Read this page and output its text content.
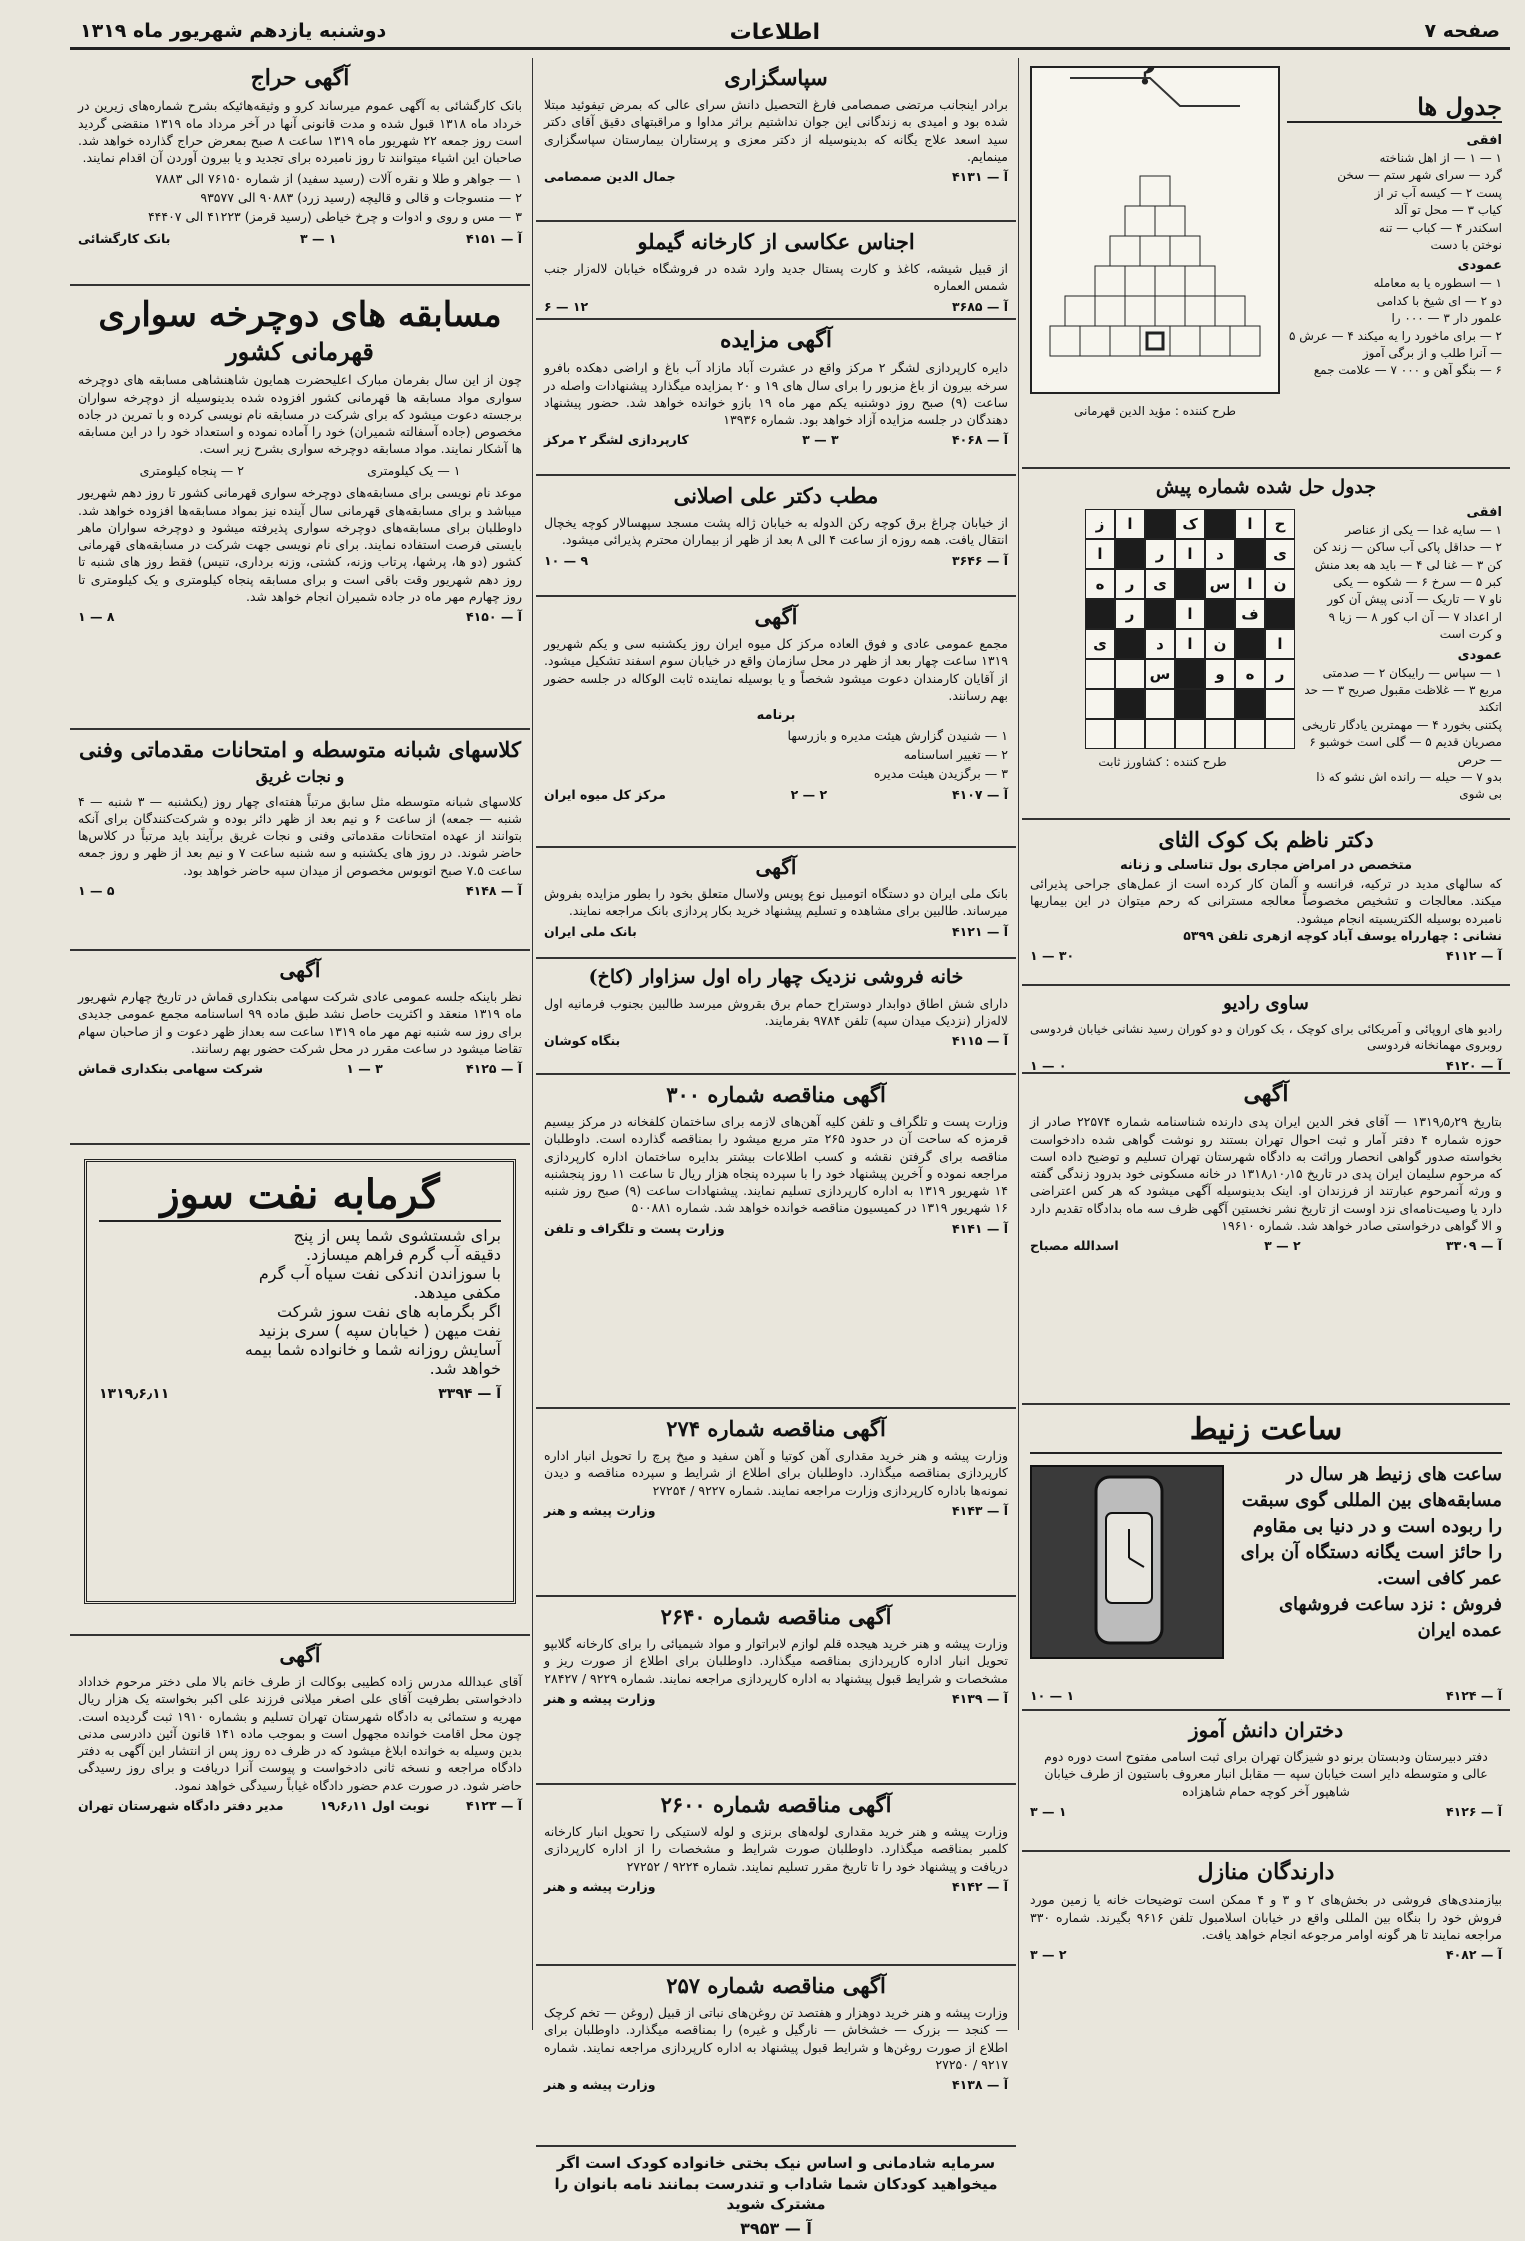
صفحه ۷
اطلاعات
دوشنبه یازدهم شهریور ماه ۱۳۱۹
?
طرح کننده : مؤید الدین قهرمانی
جدول ها
افقی
۱ — ۱ — از اهل شناخته
گرد — سرای شهر ستم — سخن
پست ۲ — کیسه آب تر از
کیاب ۳ — محل تو آلد
اسکندر ۴ — کباب — تنه
نوختن با دست
عمودی
۱ — اسطوره یا به معامله
دو ۲ — ای شیخ با کدامی
علمور دار ۳ — ۰۰۰ را
۲ — برای ماخورد را یه میکند ۴ — عرش ۵ — آنرا طلب و از برگی آموز
۶ — بنگو آهن و ۰۰۰ ۷ — علامت جمع
جدول حل شده شماره پیش
ح
ا
ک
ا
ز
ی
د
ا
ر
ا
ن
ا
س
ی
ر
ه
ف
ا
ر
ا
ن
ا
د
ی
ر
ه
و
س
طرح کننده : کشاورز ثابت
افقی
۱ — سایه غدا — یکی از عناصر
۲ — حداقل پاکی آب ساکن — زند کن
کن ۳ — غنا لی ۴ — باید هه بعد منش
کبر ۵ — سرخ ۶ — شکوه — یکی
ناو ۷ — تاریک — آدنی پیش آن کور
ار اعداد ۷ — آن اب کور ۸ — زیا ۹
و کرت است
عمودی
۱ — سپاس — رایبکان ۲ — صدمتی
مربع ۳ — غلاظت مقبول صریح ۳ — حد اتکند
پکتنی بخورد ۴ — مهمترین یادگار تاریخی
مصریان قدیم ۵ — گلی است خوشبو ۶ — حرص
بدو ۷ — حیله — رانده اش نشو که ذا
بی شوی
دکتر ناظم بک کوک الثای
متخصص در امراض مجاری بول تناسلی و زنانه
که سالهای مدید در ترکیه، فرانسه و آلمان کار کرده است از عمل‌های جراحی پذیرائی میکند. معالجات و تشخیص مخصوصاً معالجه مسترانی که رحم میتوان در این بیماریها نامبرده بوسیله الکتریسیته انجام میشود.
نشانی : چهارراه یوسف آباد کوچه ازهری تلفن ۵۳۹۹
آ — ۴۱۱۲
۳۰ — ۱
ساوی رادیو
رادیو های اروپائی و آمریکائی برای کوچک ، بک کوران و دو کوران رسید نشانی خیابان فردوسی روبروی مهمانخانه فردوسی
آ — ۴۱۲۰
۰ — ۱
آگهی
بتاریخ ۱۳۱۹٫۵٫۲۹ — آقای فخر الدین ایران پدی دارنده شناسنامه شماره ۲۲۵۷۴ صادر از حوزه شماره ۴ دفتر آمار و ثبت احوال تهران بستند رو نوشت گواهی شده دادخواست بخواسته صدور گواهی انحصار وراثت به دادگاه شهرستان تهران تسلیم و توضیح داده است که مرحوم سلیمان ایران پدی در تاریخ ۱۳۱۸٫۱۰٫۱۵ در خانه مسکونی خود بدرود زندگی گفته و ورثه آنمرحوم عبارتند از فرزندان او. اینک بدینوسیله آگهی میشود که هر کس اعتراضی دارد یا وصیت‌نامه‌ای نزد اوست از تاریخ نشر نخستین آگهی ظرف سه ماه بدادگاه تقدیم دارد و الا گواهی درخواستی صادر خواهد شد. شماره ۱۹۶۱۰
آ — ۳۳۰۹
۲ — ۳
اسدالله مصباح
ساعت زنیط
ساعت های زنیط هر سال در
مسابقه‌های بین المللی گوی سبقت
را ربوده است و در دنیا بی مقاوم
را حائز است یگانه دستگاه آن برای
عمر کافی است.
فروش : نزد ساعت فروشهای
عمده ایران
آ — ۴۱۲۴
۱ — ۱۰
دختران دانش آموز
دفتر دبیرستان ودبستان برنو دو شیزگان تهران برای ثبت اسامی مفتوح است دوره دوم عالی و متوسطه دایر است خیابان سپه — مقابل انبار معروف باستیون از طرف خیابان شاهپور آخر کوچه حمام شاهزاده
آ — ۴۱۲۶
۱ — ۳
دارندگان منازل
بیازمندی‌های فروشی در بخش‌های ۲ و ۳ و ۴ ممکن است توضیحات خانه یا زمین مورد فروش خود را بنگاه بین المللی واقع در خیابان اسلامبول تلفن ۹۶۱۶ بگیرند. شماره ۳۳۰ مراجعه نمایند تا هر گونه اوامر مرجوعه انجام خواهد یافت.
آ — ۴۰۸۲
۲ — ۳
سپاسگزاری
برادر اینجانب مرتضی صمصامی فارغ التحصیل دانش سرای عالی که بمرض تیفوئید مبتلا شده بود و امیدی به زندگانی این جوان نداشتیم براثر مداوا و مراقبتهای دقیق آقای دکتر سید اسعد علاج یگانه که بدینوسیله از دکتر معزی و پرستاران بیمارستان سپاسگزاری مینمایم.
آ — ۴۱۳۱
جمال الدین صمصامی
اجناس عکاسی از کارخانه گیملو
از قبیل شیشه، کاغذ و کارت پستال جدید وارد شده در فروشگاه خیابان لاله‌زار جنب شمس العماره
آ — ۳۶۸۵
۱۲ — ۶
آگهی مزایده
دایره کارپردازی لشگر ۲ مرکز واقع در عشرت آباد مازاد آب باغ و اراضی دهکده بافرو سرخه بیرون از باغ مزبور را برای سال های ۱۹ و ۲۰ بمزایده میگذارد پیشنهادات واصله در ساعت (۹) صبح روز دوشنبه یکم مهر ماه ۱۹ بازو خوانده خواهد شد. حضور پیشنهاد دهندگان در جلسه مزایده آزاد خواهد بود. شماره ۱۳۹۳۶
آ — ۴۰۶۸
۳ — ۳
کارپردازی لشگر ۲ مرکز
مطب دکتر علی اصلانی
از خیابان چراغ برق کوچه رکن الدوله به خیابان ژاله پشت مسجد سپهسالار کوچه یخچال انتقال یافت. همه روزه از ساعت ۴ الی ۸ بعد از ظهر از بیماران محترم پذیرائی میشود.
آ — ۳۶۴۶
۹ — ۱۰
آگهی
مجمع عمومی عادی و فوق العاده مرکز کل میوه ایران روز یکشنبه سی و یکم شهریور ۱۳۱۹ ساعت چهار بعد از ظهر در محل سازمان واقع در خیابان سوم اسفند تشکیل میشود. از آقایان کارمندان دعوت میشود شخصاً و یا بوسیله نماینده ثابت الوکاله در جلسه حضور بهم رسانند.
برنامه
۱ — شنیدن گزارش هیئت مدیره و بازرسها
۲ — تغییر اساسنامه
۳ — برگزیدن هیئت مدیره
آ — ۴۱۰۷
۲ — ۲
مرکز کل میوه ایران
آگهی
بانک ملی ایران دو دستگاه اتومبیل نوع پویس ولاسال متعلق بخود را بطور مزایده بفروش میرساند. طالبین برای مشاهده و تسلیم پیشنهاد خرید بکار پردازی بانک مراجعه نمایند.
آ — ۴۱۲۱
بانک ملی ایران
خانه فروشی نزدیک چهار راه اول سزاوار (کاخ)
دارای شش اطاق دوابدار دوستراح حمام برق بقروش میرسد طالبین بجنوب فرمانیه اول لاله‌زار (نزدیک میدان سپه) تلفن ۹۷۸۴ بفرمایند.
آ — ۴۱۱۵
بنگاه کوشان
آگهی مناقصه شماره ۳۰۰
وزارت پست و تلگراف و تلفن کلیه آهن‌های لازمه برای ساختمان کلفخانه در مرکز بیسیم قرمزه که ساحت آن در حدود ۲۶۵ متر مربع میشود را بمناقصه گذارده است. داوطلبان مناقصه برای گرفتن نقشه و کسب اطلاعات بیشتر بدایره ساختمان اداره کارپردازی مراجعه نموده و آخرین پیشنهاد خود را با سپرده پنجاه هزار ریال تا ساعت ۱۱ روز پنجشنبه ۱۴ شهریور ۱۳۱۹ به اداره کارپردازی تسلیم نمایند. پیشنهادات ساعت (۹) صبح روز شنبه ۱۶ شهریور ۱۳۱۹ در کمیسیون مناقصه خوانده خواهد شد. شماره ۵۰۰۸۸۱
آ — ۴۱۴۱
وزارت پست و تلگراف و تلفن
آگهی مناقصه شماره ۲۷۴
وزارت پیشه و هنر خرید مقداری آهن کوتیا و آهن سفید و میخ پرچ را تحویل انبار اداره کارپردازی بمناقصه میگذارد. داوطلبان برای اطلاع از شرایط و سپرده مناقصه و دیدن نمونه‌ها باداره کارپردازی وزارت مراجعه نمایند. شماره ۹۲۲۷ / ۲۷۲۵۴
آ — ۴۱۴۳
وزارت پیشه و هنر
آگهی مناقصه شماره ۲۶۴۰
وزارت پیشه و هنر خرید هیجده قلم لوازم لابراتوار و مواد شیمیائی را برای کارخانه گلابپو تحویل انبار اداره کارپردازی بمناقصه میگذارد. داوطلبان برای اطلاع از صورت ریز و مشخصات و شرایط قبول پیشنهاد به اداره کارپردازی مراجعه نمایند. شماره ۹۲۲۹ / ۲۸۴۲۷
آ — ۴۱۳۹
وزارت پیشه و هنر
آگهی مناقصه شماره ۲۶۰۰
وزارت پیشه و هنر خرید مقداری لوله‌های برنزی و لوله لاستیکی را تحویل انبار کارخانه کلمبر بمناقصه میگذارد. داوطلبان صورت شرایط و مشخصات را از اداره کارپردازی دریافت و پیشنهاد خود را تا تاریخ مقرر تسلیم نمایند. شماره ۹۲۲۴ / ۲۷۲۵۲
آ — ۴۱۴۲
وزارت پیشه و هنر
آگهی مناقصه شماره ۲۵۷
وزارت پیشه و هنر خرید دوهزار و هفتصد تن روغن‌های نباتی از قبیل (روغن — تخم کرچک — کنجد — بزرک — خشخاش — نارگیل و غیره) را بمناقصه میگذارد. داوطلبان برای اطلاع از صورت روغن‌ها و شرایط قبول پیشنهاد به اداره کارپردازی مراجعه نمایند. شماره ۹۲۱۷ / ۲۷۲۵۰
آ — ۴۱۳۸
وزارت پیشه و هنر
سرمایه شادمانی و اساس نیک بختی خانواده کودک است اگر میخواهید کودکان شما شاداب و تندرست بمانند نامه بانوان را مشترک شوید
آ — ۳۹۵۳
آگهی حراج
بانک کارگشائی به آگهی عموم میرساند کرو و وثیقه‌هائیکه بشرح شماره‌های زیرین در خرداد ماه ۱۳۱۸ قبول شده و مدت قانونی آنها در آخر مرداد ماه ۱۳۱۹ منقضی گردید است روز جمعه ۲۲ شهریور ماه ۱۳۱۹ ساعت ۸ صبح بمعرض حراج گذارده خواهد شد. صاحبان این اشیاء میتوانند تا روز نامبرده برای تجدید و یا بیرون آوردن آن اقدام نمایند.
۱ — جواهر و طلا و نقره آلات (رسید سفید) از شماره ۷۶۱۵۰ الی ۷۸۸۳
۲ — منسوجات و قالی و قالیچه (رسید زرد) ۹۰۸۸۳ الی ۹۳۵۷۷
۳ — مس و روی و ادوات و چرخ خیاطی (رسید قرمز) ۴۱۲۲۳ الی ۴۴۴۰۷
آ — ۴۱۵۱
۱ — ۳
بانک کارگشائی
مسابقه های دوچرخه سواری
قهرمانی کشور
چون از این سال بفرمان مبارک اعلیحضرت همایون شاهنشاهی مسابقه های دوچرخه سواری مواد مسابقه ها قهرمانی کشور افزوده شده بدینوسیله از دوچرخه سواران برجسته دعوت میشود که برای شرکت در مسابقه نام نویسی کرده و با تمرین در جاده مخصوص (جاده آسفالته شمیران) خود را آماده نموده و استعداد خود را در این مسابقه ها آشکار نمایند. مواد مسابقه دوچرخه سواری بشرح زیر است.
۱ — یک کیلومتری
۲ — پنجاه کیلومتری
موعد نام نویسی برای مسابقه‌های دوچرخه سواری قهرمانی کشور تا روز دهم شهریور میباشد و برای مسابقه‌های قهرمانی سال آینده نیز بمواد مسابقه‌ها افزوده خواهد شد. داوطلبان برای مسابقه‌های دوچرخه سواری پذیرفته میشود و دوچرخه سواران ماهر بایستی فرصت استفاده نمایند. برای نام نویسی جهت شرکت در مسابقه‌های قهرمانی کشور (دو ها، پرشها، پرتاب وزنه، کشتی، وزنه برداری، تنیس) فقط روز های شنبه تا روز دهم شهریور وقت باقی است و برای مسابقه پنجاه کیلومتری و یک کیلومتری تا روز چهارم مهر ماه در جاده شمیران انجام خواهد شد.
آ — ۴۱۵۰
۸ — ۱
کلاسهای شبانه متوسطه و امتحانات مقدماتی وفنی
و نجات غریق
کلاسهای شبانه متوسطه مثل سابق مرتباً هفته‌ای چهار روز (یکشنبه — ۳ شنبه — ۴ شنبه — جمعه) از ساعت ۶ و نیم بعد از ظهر دائر بوده و شرکت‌کنندگان برای آنکه بتوانند از عهده امتحانات مقدماتی وفنی و نجات غریق برآیند باید مرتباً در کلاس‌ها حاضر شوند. در روز های یکشنبه و سه شنبه ساعت ۷ و نیم بعد از ظهر و روز جمعه ساعت ۷.۵ صبح اتوبوس مخصوص از میدان سپه حاضر خواهد بود.
آ — ۴۱۴۸
۵ — ۱
آگهی
نظر باینکه جلسه عمومی عادی شرکت سهامی بنکداری قماش در تاریخ چهارم شهریور ماه ۱۳۱۹ منعقد و اکثریت حاصل نشد طبق ماده ۹۹ اساسنامه مجمع عمومی جدیدی برای روز سه شنبه نهم مهر ماه ۱۳۱۹ ساعت سه بعداز ظهر دعوت و از صاحبان سهام تقاضا میشود در ساعت مقرر در محل شرکت حضور بهم رسانند.
آ — ۴۱۲۵
۳ — ۱
شرکت سهامی بنکداری قماش
گرمابه نفت سوز
برای شستشوی شما پس از پنج
دقیقه آب گرم فراهم میسازد.
با سوزاندن اندکی نفت سیاه آب گرم
مکفی میدهد.
اگر بگرمابه های نفت سوز شرکت
نفت میهن ( خیابان سپه ) سری بزنید
آسایش روزانه شما و خانواده شما بیمه
خواهد شد.
آ — ۳۳۹۴
۱۳۱۹٫۶٫۱۱
آگهی
آقای عبدالله مدرس زاده کطیبی بوکالت از طرف خانم بالا ملی دختر مرحوم خداداد دادخواستی بطرفیت آقای علی اصغر میلانی فرزند علی اکبر بخواسته یک هزار ریال مهریه و ستمائی به دادگاه شهرستان تهران تسلیم و بشماره ۱۹۱۰ ثبت گردیده است. چون محل اقامت خوانده مجهول است و بموجب ماده ۱۴۱ قانون آئین دادرسی مدنی بدین وسیله به خوانده ابلاغ میشود که در ظرف ده روز پس از انتشار این آگهی به دفتر دادگاه مراجعه و نسخه ثانی دادخواست و پیوست آنرا دریافت و برای روز رسیدگی حاضر شود. در صورت عدم حضور دادگاه غیاباً رسیدگی خواهد نمود.
آ — ۴۱۲۳
نوبت اول ۱۹٫۶٫۱۱
مدیر دفتر دادگاه شهرستان تهران
